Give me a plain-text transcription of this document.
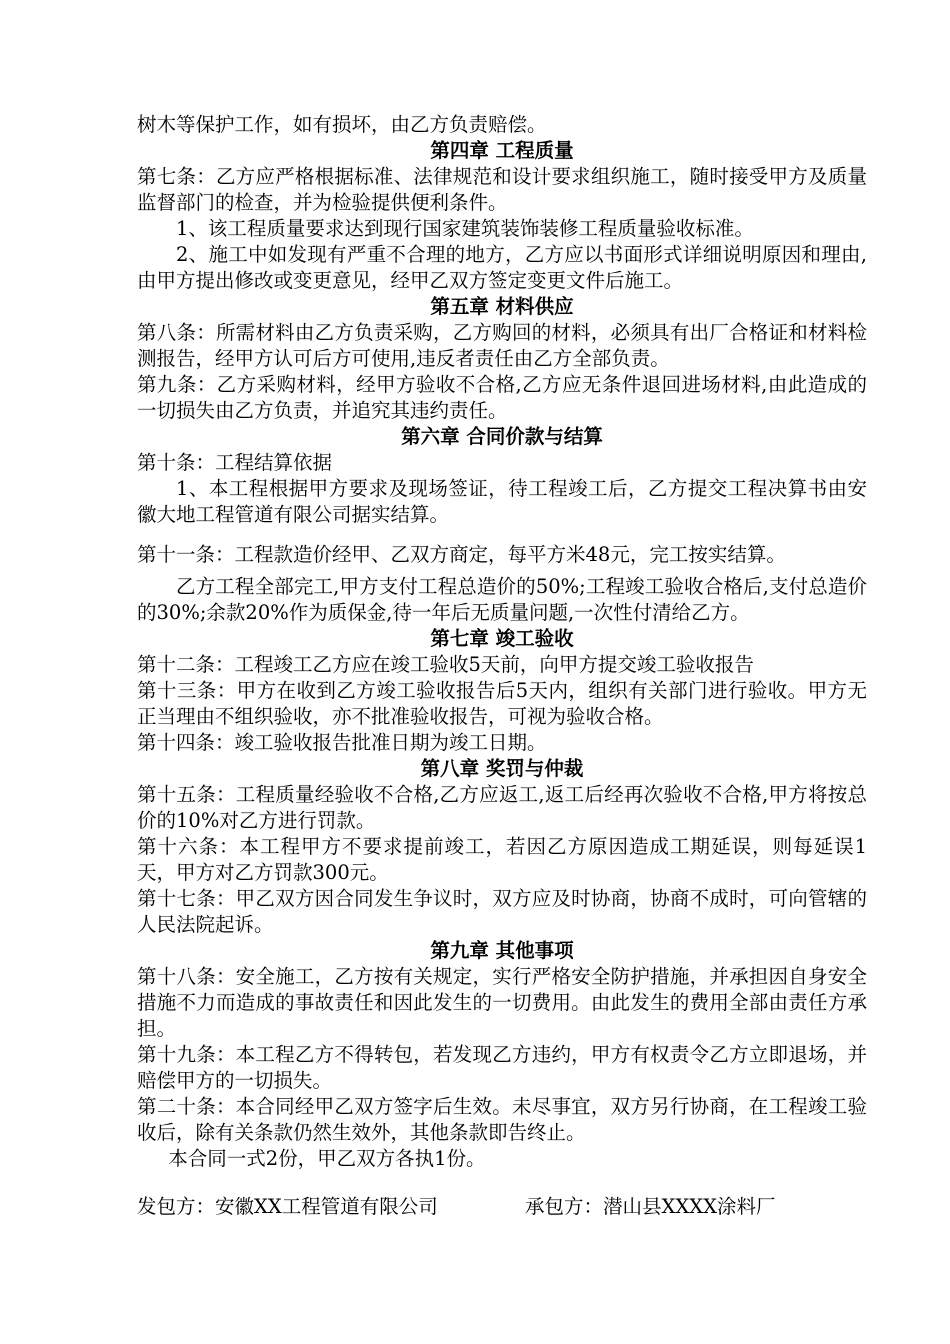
树木等保护工作，如有损坏，由乙方负责赔偿。

第四章 工程质量

第七条：乙方应严格根据标准、法律规范和设计要求组织施工，随时接受甲方及质量监督部门的检查，并为检验提供便利条件。

1、该工程质量要求达到现行国家建筑装饰装修工程质量验收标准。

2、施工中如发现有严重不合理的地方，乙方应以书面形式详细说明原因和理由,由甲方提出修改或变更意见，经甲乙双方签定变更文件后施工。

第五章 材料供应

第八条：所需材料由乙方负责采购，乙方购回的材料，必须具有出厂合格证和材料检测报告，经甲方认可后方可使用,违反者责任由乙方全部负责。

第九条：乙方采购材料，经甲方验收不合格,乙方应无条件退回进场材料,由此造成的一切损失由乙方负责，并追究其违约责任。

第六章 合同价款与结算

第十条：工程结算依据

1、本工程根据甲方要求及现场签证，待工程竣工后，乙方提交工程决算书由安徽大地工程管道有限公司据实结算。

第十一条：工程款造价经甲、乙双方商定，每平方米48元，完工按实结算。

乙方工程全部完工,甲方支付工程总造价的50%;工程竣工验收合格后,支付总造价的30%;余款20%作为质保金,待一年后无质量问题,一次性付清给乙方。

第七章 竣工验收

第十二条：工程竣工乙方应在竣工验收5天前，向甲方提交竣工验收报告

第十三条：甲方在收到乙方竣工验收报告后5天内，组织有关部门进行验收。甲方无正当理由不组织验收，亦不批准验收报告，可视为验收合格。

第十四条：竣工验收报告批准日期为竣工日期。

第八章 奖罚与仲裁

第十五条：工程质量经验收不合格,乙方应返工,返工后经再次验收不合格,甲方将按总价的10%对乙方进行罚款。

第十六条：本工程甲方不要求提前竣工，若因乙方原因造成工期延误，则每延误1天，甲方对乙方罚款300元。

第十七条：甲乙双方因合同发生争议时，双方应及时协商，协商不成时，可向管辖的人民法院起诉。

第九章 其他事项

第十八条：安全施工，乙方按有关规定，实行严格安全防护措施，并承担因自身安全措施不力而造成的事故责任和因此发生的一切费用。由此发生的费用全部由责任方承担。

第十九条：本工程乙方不得转包，若发现乙方违约，甲方有权责令乙方立即退场，并赔偿甲方的一切损失。

第二十条：本合同经甲乙双方签字后生效。未尽事宜，双方另行协商，在工程竣工验收后，除有关条款仍然生效外，其他条款即告终止。

本合同一式2份，甲乙双方各执1份。

发包方：安徽XX工程管道有限公司	承包方：潜山县XXXX涂料厂
